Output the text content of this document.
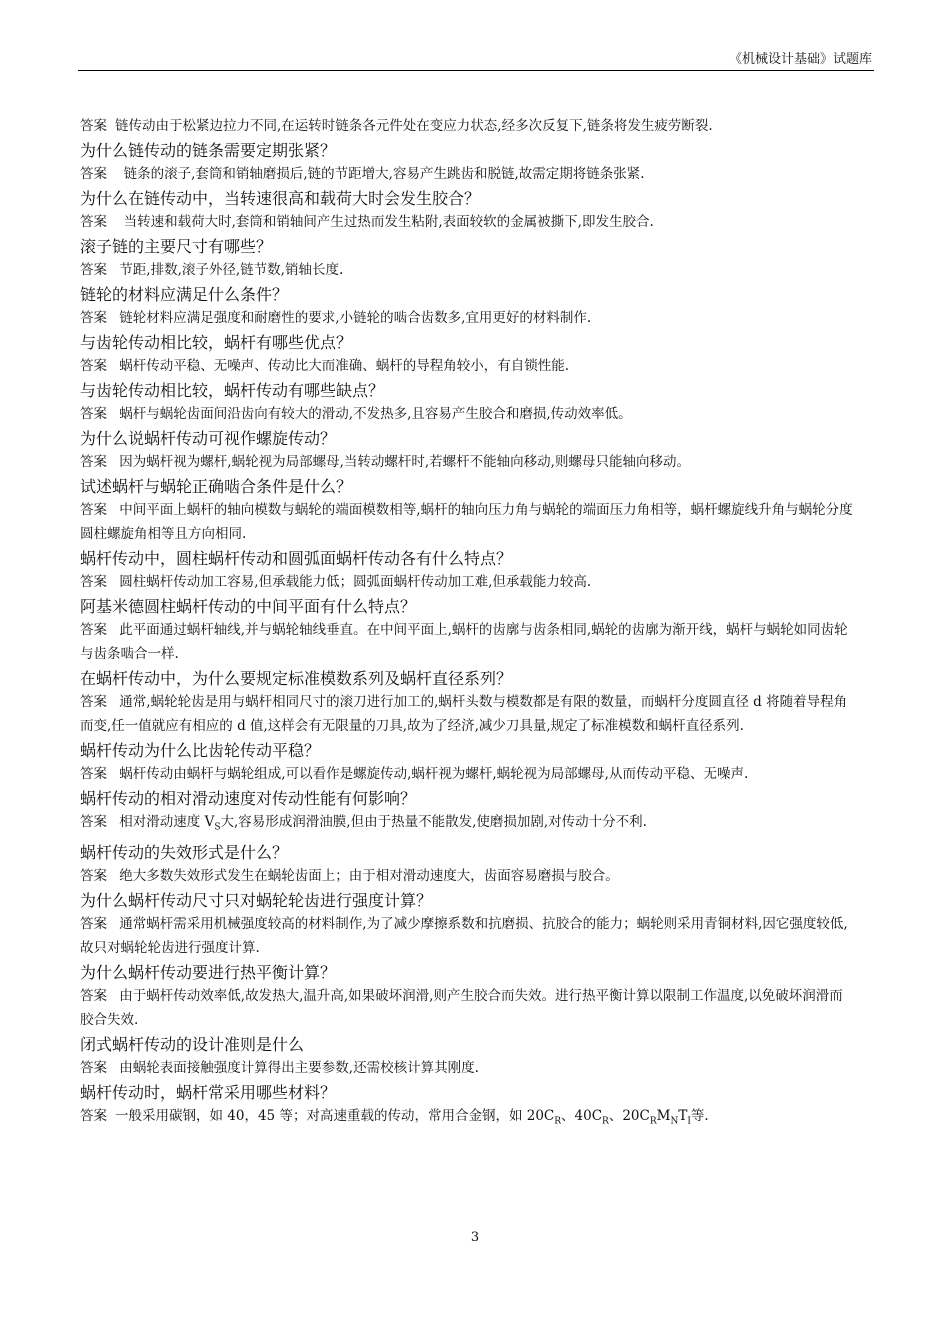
《机械设计基础》试题库

答案 链传动由于松紧边拉力不同,在运转时链条各元件处在变应力状态,经多次反复下,链条将发生疲劳断裂.

为什么链传动的链条需要定期张紧？

答案 链条的滚子,套筒和销轴磨损后,链的节距增大,容易产生跳齿和脱链,故需定期将链条张紧.

为什么在链传动中，当转速很高和载荷大时会发生胶合？

答案 当转速和载荷大时,套筒和销轴间产生过热而发生粘附,表面较软的金属被撕下,即发生胶合.

滚子链的主要尺寸有哪些？

答案 节距,排数,滚子外径,链节数,销轴长度.

链轮的材料应满足什么条件？

答案 链轮材料应满足强度和耐磨性的要求,小链轮的啮合齿数多,宜用更好的材料制作.

与齿轮传动相比较，蜗杆有哪些优点？

答案 蜗杆传动平稳、无噪声、传动比大而准确、蜗杆的导程角较小，有自锁性能.

与齿轮传动相比较，蜗杆传动有哪些缺点？

答案 蜗杆与蜗轮齿面间沿齿向有较大的滑动,不发热多,且容易产生胶合和磨损,传动效率低。

为什么说蜗杆传动可视作螺旋传动？

答案 因为蜗杆视为螺杆,蜗轮视为局部螺母,当转动螺杆时,若螺杆不能轴向移动,则螺母只能轴向移动。

试述蜗杆与蜗轮正确啮合条件是什么？

答案 中间平面上蜗杆的轴向模数与蜗轮的端面模数相等,蜗杆的轴向压力角与蜗轮的端面压力角相等，蜗杆螺旋线升角与蜗轮分度圆柱螺旋角相等且方向相同.

蜗杆传动中，圆柱蜗杆传动和圆弧面蜗杆传动各有什么特点？

答案 圆柱蜗杆传动加工容易,但承载能力低；圆弧面蜗杆传动加工难,但承载能力较高.

阿基米德圆柱蜗杆传动的中间平面有什么特点？

答案 此平面通过蜗杆轴线,并与蜗轮轴线垂直。在中间平面上,蜗杆的齿廓与齿条相同,蜗轮的齿廓为渐开线，蜗杆与蜗轮如同齿轮与齿条啮合一样.

在蜗杆传动中，为什么要规定标准模数系列及蜗杆直径系列？

答案 通常,蜗轮轮齿是用与蜗杆相同尺寸的滚刀进行加工的,蜗杆头数与模数都是有限的数量，而蜗杆分度圆直径 d 将随着导程角而变,任一值就应有相应的 d 值,这样会有无限量的刀具,故为了经济,减少刀具量,规定了标准模数和蜗杆直径系列.

蜗杆传动为什么比齿轮传动平稳？

答案 蜗杆传动由蜗杆与蜗轮组成,可以看作是螺旋传动,蜗杆视为螺杆,蜗轮视为局部螺母,从而传动平稳、无噪声.

蜗杆传动的相对滑动速度对传动性能有何影响？

答案 相对滑动速度 $V_S$大,容易形成润滑油膜,但由于热量不能散发,使磨损加剧,对传动十分不利.

蜗杆传动的失效形式是什么？

答案 绝大多数失效形式发生在蜗轮齿面上；由于相对滑动速度大，齿面容易磨损与胶合。

为什么蜗杆传动尺寸只对蜗轮轮齿进行强度计算？

答案 通常蜗杆需采用机械强度较高的材料制作,为了减少摩擦系数和抗磨损、抗胶合的能力；蜗轮则采用青铜材料,因它强度较低,故只对蜗轮轮齿进行强度计算.

为什么蜗杆传动要进行热平衡计算？

答案 由于蜗杆传动效率低,故发热大,温升高,如果破坏润滑,则产生胶合而失效。进行热平衡计算以限制工作温度,以免破坏润滑而胶合失效.

闭式蜗杆传动的设计准则是什么

答案 由蜗轮表面接触强度计算得出主要参数,还需校核计算其刚度.

蜗杆传动时，蜗杆常采用哪些材料？

答案 一般采用碳钢，如 40，45 等；对高速重载的传动，常用合金钢，如 $20C_R$、$40C_R$、$20C_RM_NT_I$等.

3
